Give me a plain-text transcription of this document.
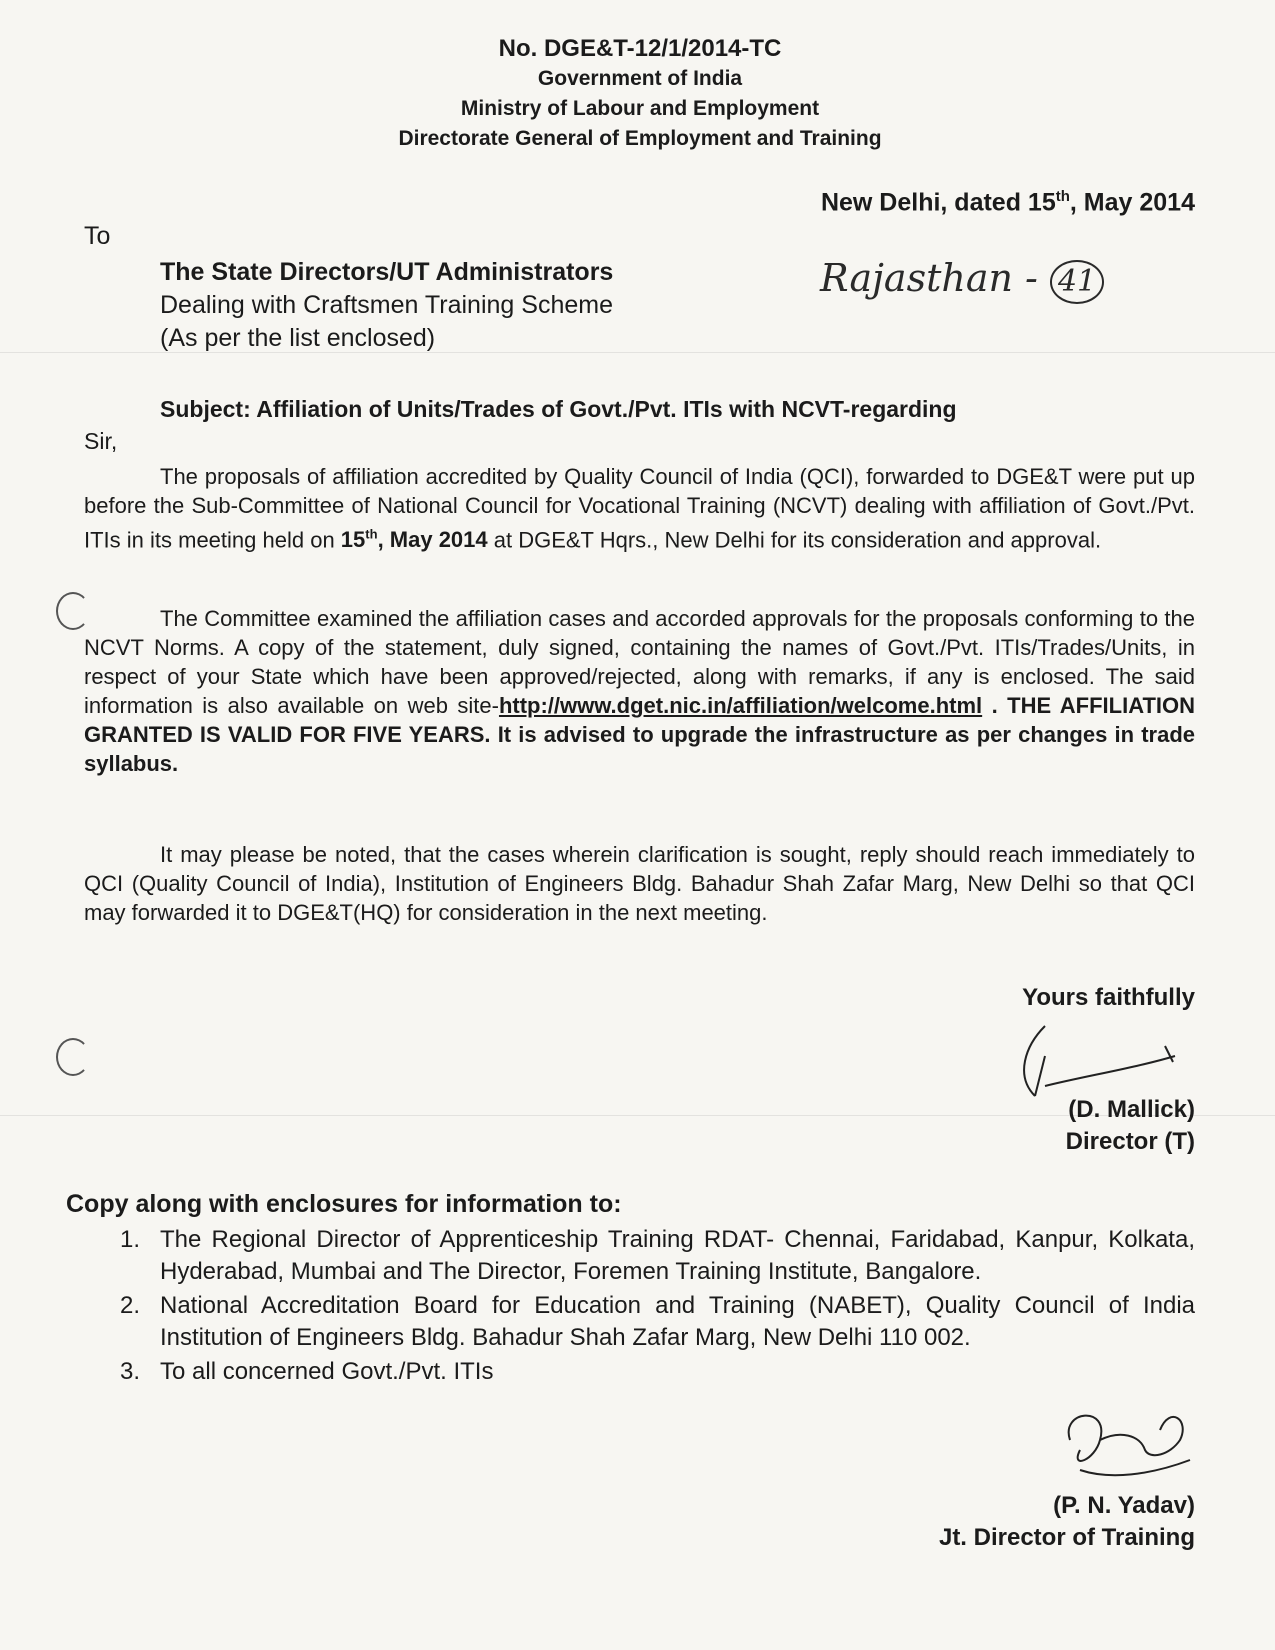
No. DGE&T-12/1/2014-TC
Government of India
Ministry of Labour and Employment
Directorate General of Employment and Training
New Delhi, dated 15th, May 2014
To
The State Directors/UT Administrators
Dealing with Craftsmen Training Scheme
(As per the list enclosed)
Rajasthan - 41
Subject: Affiliation of Units/Trades of Govt./Pvt. ITIs with NCVT-regarding
Sir,
The proposals of affiliation accredited by Quality Council of India (QCI), forwarded to DGE&T were put up before the Sub-Committee of National Council for Vocational Training (NCVT) dealing with affiliation of Govt./Pvt. ITIs in its meeting held on 15th, May 2014 at DGE&T Hqrs., New Delhi for its consideration and approval.
The Committee examined the affiliation cases and accorded approvals for the proposals conforming to the NCVT Norms. A copy of the statement, duly signed, containing the names of Govt./Pvt. ITIs/Trades/Units, in respect of your State which have been approved/rejected, along with remarks, if any is enclosed. The said information is also available on web site-http://www.dget.nic.in/affiliation/welcome.html . THE AFFILIATION GRANTED IS VALID FOR FIVE YEARS. It is advised to upgrade the infrastructure as per changes in trade syllabus.
It may please be noted, that the cases wherein clarification is sought, reply should reach immediately to QCI (Quality Council of India), Institution of Engineers Bldg. Bahadur Shah Zafar Marg, New Delhi so that QCI may forwarded it to DGE&T(HQ) for consideration in the next meeting.
Yours faithfully
(D. Mallick)
Director (T)
Copy along with enclosures for information to:
1. The Regional Director of Apprenticeship Training RDAT- Chennai, Faridabad, Kanpur, Kolkata, Hyderabad, Mumbai and The Director, Foremen Training Institute, Bangalore.
2. National Accreditation Board for Education and Training (NABET), Quality Council of India Institution of Engineers Bldg. Bahadur Shah Zafar Marg, New Delhi 110 002.
3. To all concerned Govt./Pvt. ITIs
(P. N. Yadav)
Jt. Director of Training
